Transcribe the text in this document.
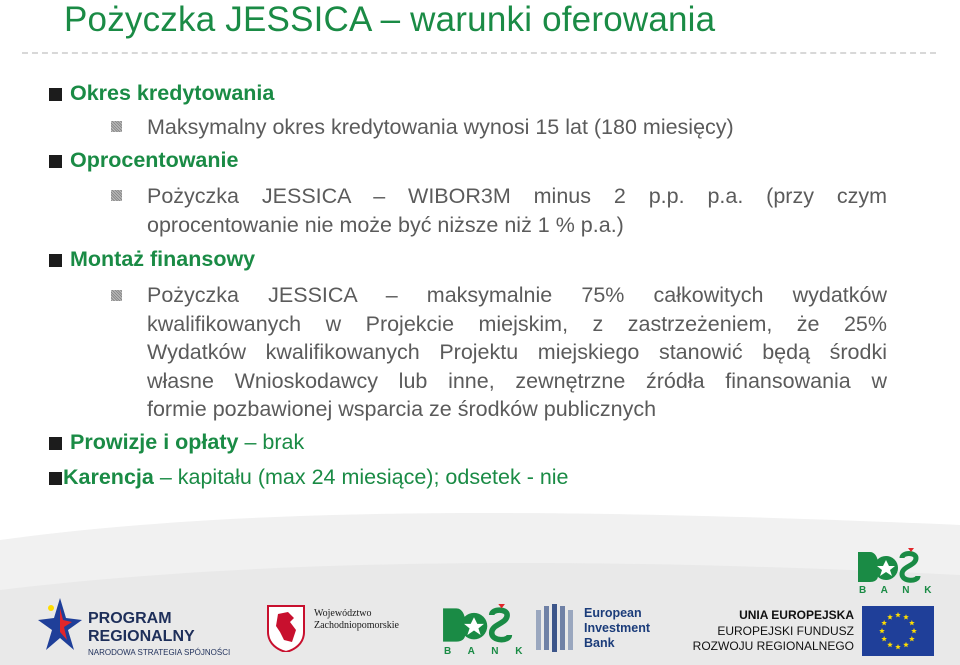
Pożyczka JESSICA – warunki oferowania
Okres kredytowania
Maksymalny okres kredytowania wynosi 15 lat (180 miesięcy)
Oprocentowanie
Pożyczka JESSICA – WIBOR3M minus 2 p.p. p.a. (przy czym
oprocentowanie nie może być niższe niż 1 % p.a.)
Montaż finansowy
Pożyczka JESSICA – maksymalnie 75% całkowitych wydatków
kwalifikowanych w Projekcie miejskim, z zastrzeżeniem, że 25%
Wydatków kwalifikowanych Projektu miejskiego stanowić będą środki
własne Wnioskodawcy lub inne, zewnętrzne źródła finansowania w
formie pozbawionej wsparcia ze środków publicznych
Prowizje i opłaty – brak
Karencja – kapitału (max 24 miesiące); odsetek - nie
B A N K
PROGRAM
REGIONALNY
NARODOWA STRATEGIA SPÓJNOŚCI
Województwo
Zachodniopomorskie
B A N K
European
Investment
Bank
UNIA EUROPEJSKA
EUROPEJSKI FUNDUSZ
ROZWOJU REGIONALNEGO
